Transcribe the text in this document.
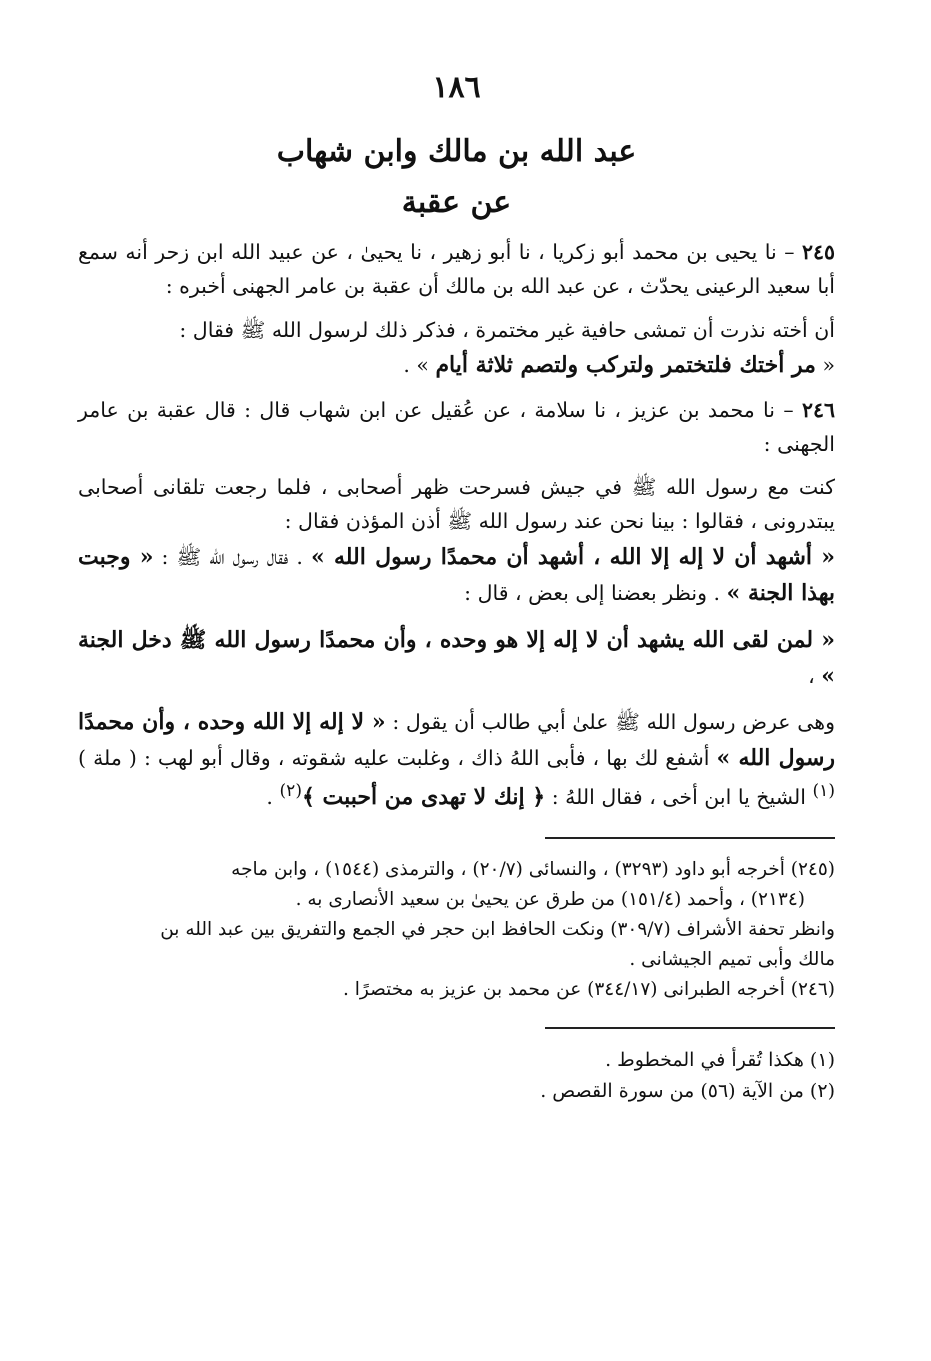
١٨٦
عبد الله بن مالك وابن شهاب
عن عقبة

٢٤٥ – نا يحيى بن محمد أبو زكريا ، نا أبو زهير ، نا يحيىٰ ، عن عبيد الله ابن زحر أنه سمع أبا سعيد الرعينى يحدّث ، عن عبد الله بن مالك أن عقبة بن عامر الجهنى أخبره :

أن أخته نذرت أن تمشى حافية غير مختمرة ، فذكر ذلك لرسول الله ﷺ فقال :
« مر أختك فلتختمر ولتركب ولتصم ثلاثة أيام » .

٢٤٦ – نا محمد بن عزيز ، نا سلامة ، عن عُقيل عن ابن شهاب قال : قال عقبة بن عامر الجهنى :

كنت مع رسول الله ﷺ في جيش فسرحت ظهر أصحابى ، فلما رجعت تلقانى أصحابى يبتدرونى ، فقالوا : بينا نحن عند رسول الله ﷺ أذن المؤذن فقال :
« أشهد أن لا إله إلا الله ، أشهد أن محمدًا رسول الله » . فقال رسول الله ﷺ : « وجبت بهذا الجنة » . ونظر بعضنا إلى بعض ، قال :

« لمن لقى الله يشهد أن لا إله إلا هو وحده ، وأن محمدًا رسول الله ﷺ دخل الجنة » ،

وهى عرض رسول الله ﷺ علىٰ أبي طالب أن يقول : « لا إله إلا الله وحده ، وأن محمدًا رسول الله » أشفع لك بها ، فأبى اللهُ ذاك ، وغلبت عليه شقوته ، وقال أبو لهب : ( ملة )$^{(١)}$ الشيخ يا ابن أخى ، فقال اللهُ : ﴿ إنك لا تهدى من أحببت ﴾$^{(٢)}$ .

(٢٤٥) أخرجه أبو داود (٣٢٩٣) ، والنسائى (٢٠/٧) ، والترمذى (١٥٤٤) ، وابن ماجه

(٢١٣٤) ، وأحمد (١٥١/٤) من طرق عن يحيىٰ بن سعيد الأنصارى به .

وانظر تحفة الأشراف (٣٠٩/٧) ونكت الحافظ ابن حجر في الجمع والتفريق بين عبد الله بن

مالك وأبى تميم الجيشانى .

(٢٤٦) أخرجه الطبرانى (٣٤٤/١٧) عن محمد بن عزيز به مختصرًا .

(١) هكذا تُقرأ في المخطوط .

(٢) من الآية (٥٦) من سورة القصص .
